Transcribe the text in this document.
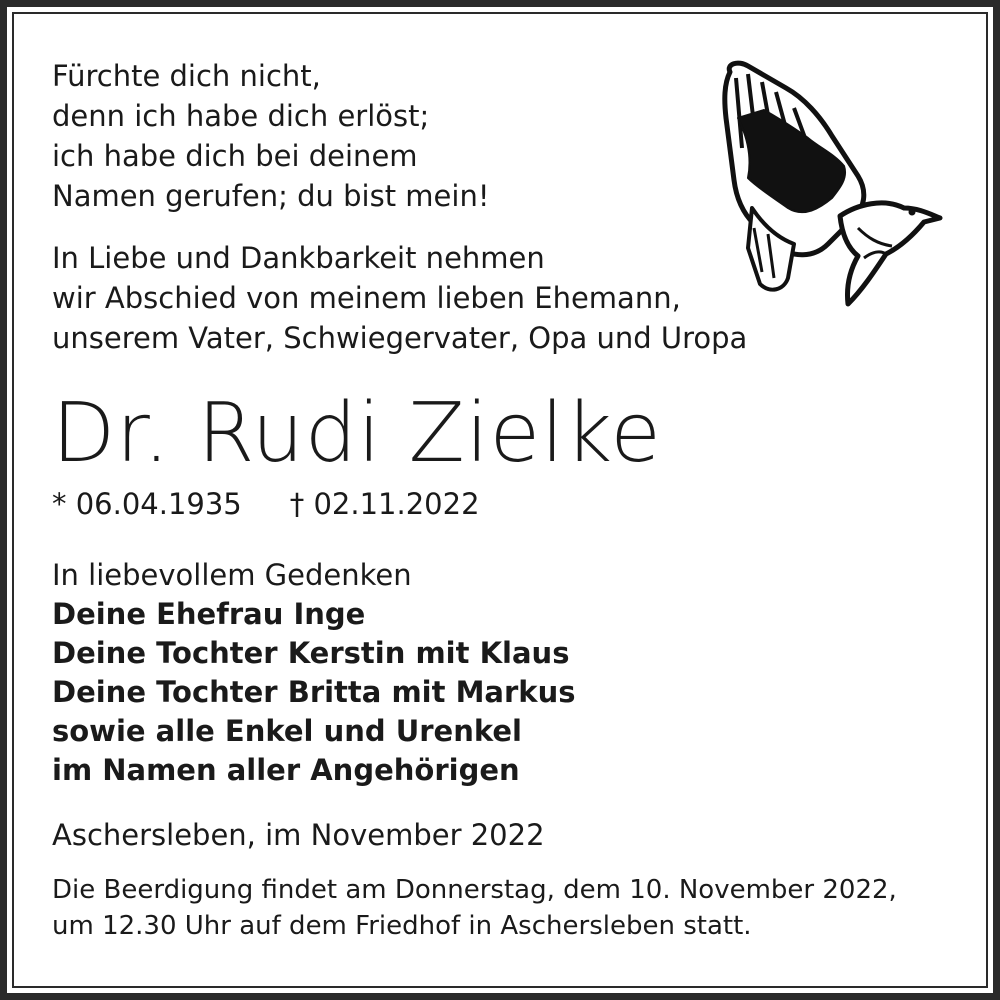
Fürchte dich nicht,
denn ich habe dich erlöst;
ich habe dich bei deinem
Namen gerufen; du bist mein!
In Liebe und Dankbarkeit nehmen
wir Abschied von meinem lieben Ehemann,
unserem Vater, Schwiegervater, Opa und Uropa
Dr. Rudi Zielke
* 06.04.1935 † 02.11.2022
In liebevollem Gedenken
Deine Ehefrau Inge
Deine Tochter Kerstin mit Klaus
Deine Tochter Britta mit Markus
sowie alle Enkel und Urenkel
im Namen aller Angehörigen
Aschersleben, im November 2022
Die Beerdigung findet am Donnerstag, dem 10. November 2022,
um 12.30 Uhr auf dem Friedhof in Aschersleben statt.
